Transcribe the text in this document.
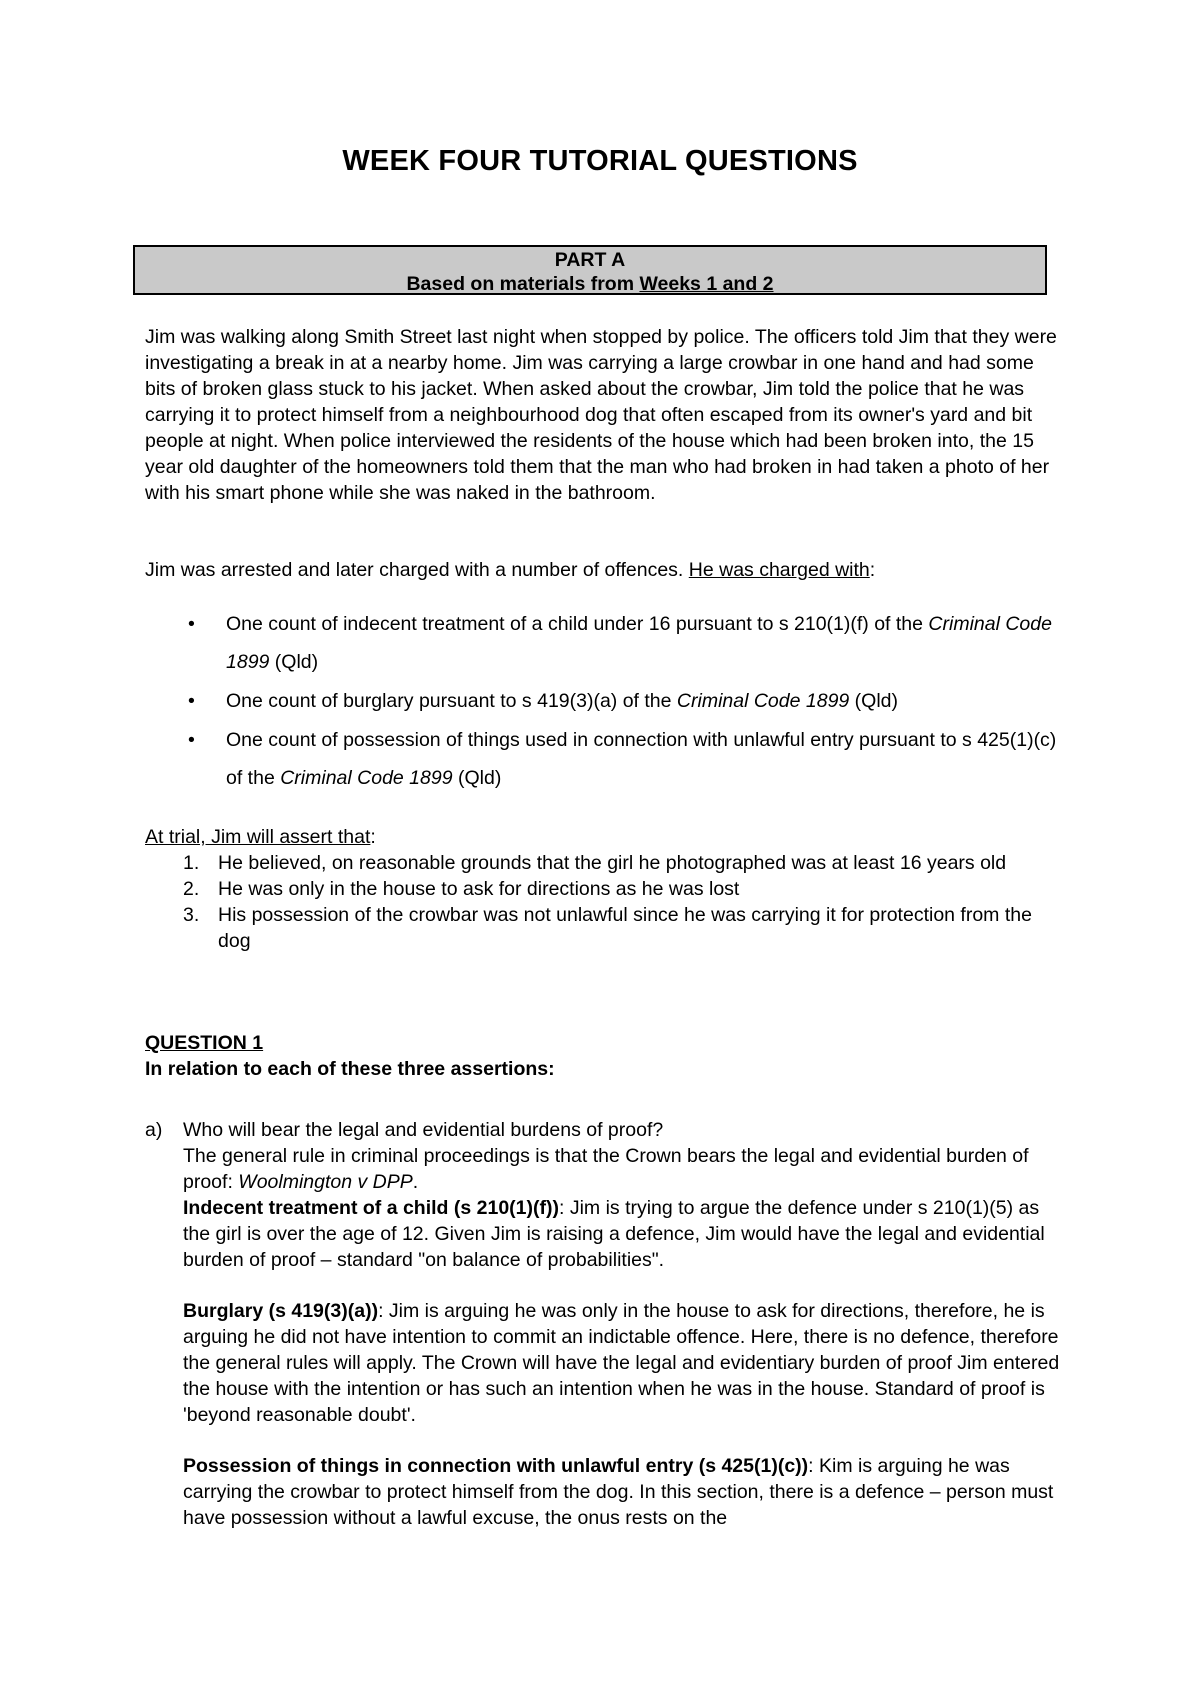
WEEK FOUR TUTORIAL QUESTIONS
PART A
Based on materials from Weeks 1 and 2

Jim was walking along Smith Street last night when stopped by police. The officers told Jim that they were investigating a break in at a nearby home. Jim was carrying a large crowbar in one hand and had some bits of broken glass stuck to his jacket. When asked about the crowbar, Jim told the police that he was carrying it to protect himself from a neighbourhood dog that often escaped from its owner's yard and bit people at night. When police interviewed the residents of the house which had been broken into, the 15 year old daughter of the homeowners told them that the man who had broken in had taken a photo of her with his smart phone while she was naked in the bathroom.

Jim was arrested and later charged with a number of offences. He was charged with:

• One count of indecent treatment of a child under 16 pursuant to s 210(1)(f) of the Criminal Code 1899 (Qld)
• One count of burglary pursuant to s 419(3)(a) of the Criminal Code 1899 (Qld)
• One count of possession of things used in connection with unlawful entry pursuant to s 425(1)(c) of the Criminal Code 1899 (Qld)

At trial, Jim will assert that:

1. He believed, on reasonable grounds that the girl he photographed was at least 16 years old
2. He was only in the house to ask for directions as he was lost
3. His possession of the crowbar was not unlawful since he was carrying it for protection from the dog
QUESTION 1
In relation to each of these three assertions:
a) Who will bear the legal and evidential burdens of proof?

The general rule in criminal proceedings is that the Crown bears the legal and evidential burden of proof: Woolmington v DPP.

Indecent treatment of a child (s 210(1)(f)): Jim is trying to argue the defence under s 210(1)(5) as the girl is over the age of 12. Given Jim is raising a defence, Jim would have the legal and evidential burden of proof – standard "on balance of probabilities".

Burglary (s 419(3)(a)): Jim is arguing he was only in the house to ask for directions, therefore, he is arguing he did not have intention to commit an indictable offence. Here, there is no defence, therefore the general rules will apply. The Crown will have the legal and evidentiary burden of proof Jim entered the house with the intention or has such an intention when he was in the house. Standard of proof is 'beyond reasonable doubt'.

Possession of things in connection with unlawful entry (s 425(1)(c)): Kim is arguing he was carrying the crowbar to protect himself from the dog. In this section, there is a defence – person must have possession without a lawful excuse, the onus rests on the
